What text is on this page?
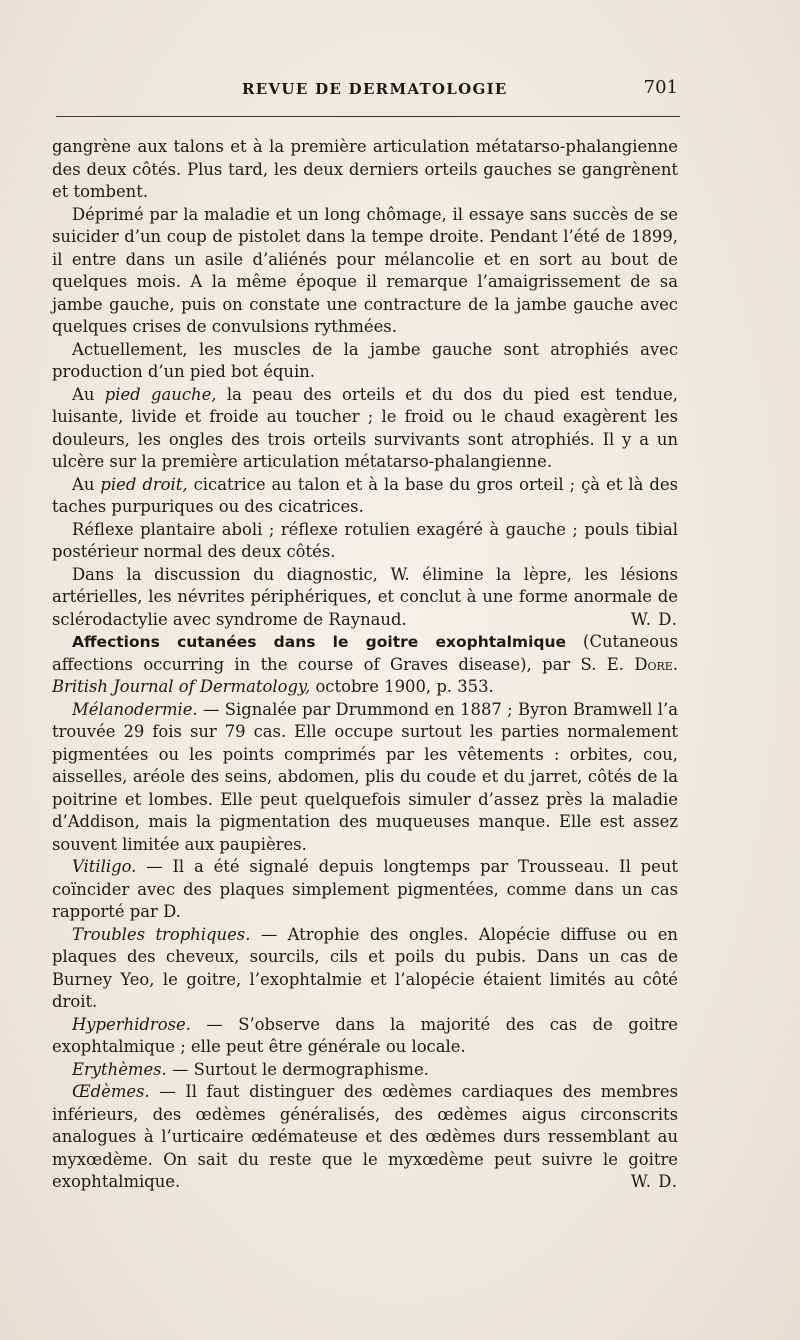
REVUE DE DERMATOLOGIE	701

gangrène aux talons et à la première articulation métatarso-phalangienne des deux côtés. Plus tard, les deux derniers orteils gauches se gangrènent et tombent.

Déprimé par la maladie et un long chômage, il essaye sans succès de se suicider d’un coup de pistolet dans la tempe droite. Pendant l’été de 1899, il entre dans un asile d’aliénés pour mélancolie et en sort au bout de quelques mois. A la même époque il remarque l’amaigrissement de sa jambe gauche, puis on constate une contracture de la jambe gauche avec quelques crises de convulsions rythmées.

Actuellement, les muscles de la jambe gauche sont atrophiés avec production d’un pied bot équin.

Au pied gauche, la peau des orteils et du dos du pied est tendue, luisante, livide et froide au toucher ; le froid ou le chaud exagèrent les douleurs, les ongles des trois orteils survivants sont atrophiés. Il y a un ulcère sur la première articulation métatarso-phalangienne.

Au pied droit, cicatrice au talon et à la base du gros orteil ; çà et là des taches purpuriques ou des cicatrices.

Réflexe plantaire aboli ; réflexe rotulien exagéré à gauche ; pouls tibial postérieur normal des deux côtés.

Dans la discussion du diagnostic, W. élimine la lèpre, les lésions artérielles, les névrites périphériques, et conclut à une forme anormale de sclérodactylie avec syndrome de Raynaud.	W. D.

Affections cutanées dans le goitre exophtalmique (Cutaneous affections occurring in the course of Graves disease), par S. E. Dore. British Journal of Dermatology, octobre 1900, p. 353.

Mélanodermie. — Signalée par Drummond en 1887 ; Byron Bramwell l’a trouvée 29 fois sur 79 cas. Elle occupe surtout les parties normalement pigmentées ou les points comprimés par les vêtements : orbites, cou, aisselles, aréole des seins, abdomen, plis du coude et du jarret, côtés de la poitrine et lombes. Elle peut quelquefois simuler d’assez près la maladie d’Addison, mais la pigmentation des muqueuses manque. Elle est assez souvent limitée aux paupières.

Vitiligo. — Il a été signalé depuis longtemps par Trousseau. Il peut coïncider avec des plaques simplement pigmentées, comme dans un cas rapporté par D.

Troubles trophiques. — Atrophie des ongles. Alopécie diffuse ou en plaques des cheveux, sourcils, cils et poils du pubis. Dans un cas de Burney Yeo, le goitre, l’exophtalmie et l’alopécie étaient limités au côté droit.

Hyperhidrose. — S’observe dans la majorité des cas de goitre exophtalmique ; elle peut être générale ou locale.

Erythèmes. — Surtout le dermographisme.

Œdèmes. — Il faut distinguer des œdèmes cardiaques des membres inférieurs, des œdèmes généralisés, des œdèmes aigus circonscrits analogues à l’urticaire œdémateuse et des œdèmes durs ressemblant au myxœdème. On sait du reste que le myxœdème peut suivre le goitre exophtalmique.	W. D.
